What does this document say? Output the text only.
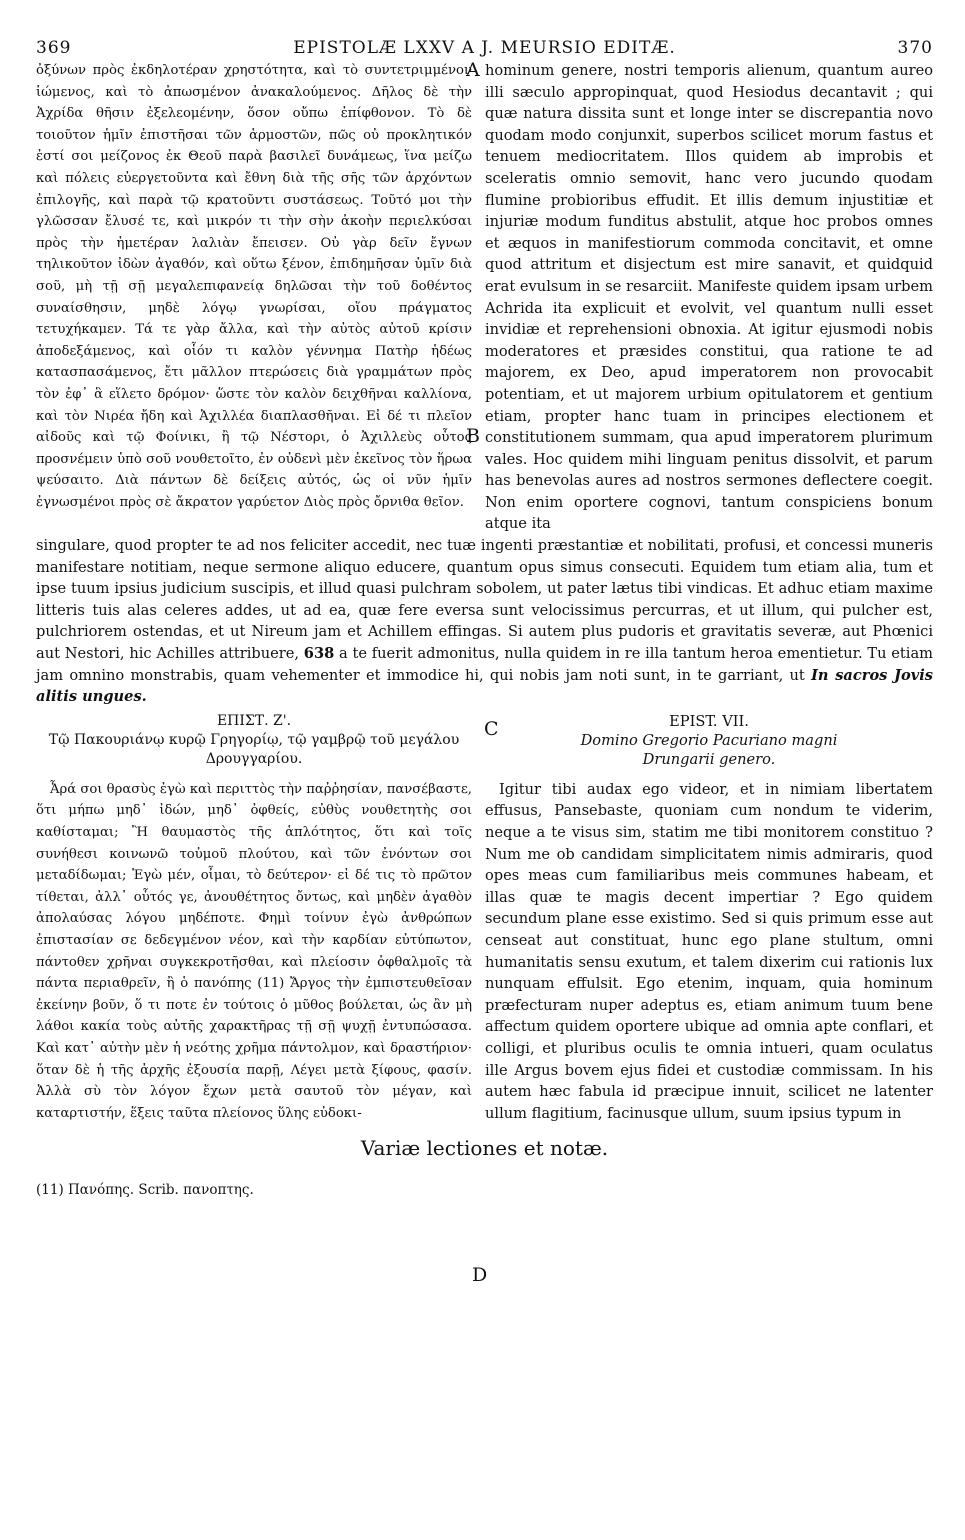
369	EPISTOLÆ LXXV A J. MEURSIO EDITÆ.	370
ὀξύνων πρὸς ἐκδηλοτέραν χρηστότητα, καὶ τὸ συντετριμμένον ἰώμενος, καὶ τὸ ἀπωσμένον ἀνακαλούμενος. Δῆλος δὲ τὴν Ἀχρίδα θῆσιν ἐξελεομένην, ὅσον οὔπω ἐπίφθονον. Τὸ δὲ τοιοῦτον ἡμῖν ἐπιστῆσαι τῶν ἁρμοστῶν, πῶς οὐ προκλητικόν ἐστί σοι μείζονος ἐκ Θεοῦ παρὰ βασιλεῖ δυνάμεως, ἵνα μείζω καὶ πόλεις εὐεργετοῦντα καὶ ἔθνη διὰ τῆς σῆς τῶν ἀρχόντων ἐπιλογῆς, καὶ παρὰ τῷ κρατοῦντι συστάσεως. Τοῦτό μοι τὴν γλῶσσαν ἔλυσέ τε, καὶ μικρόν τι τὴν σὴν ἀκοὴν περιελκύσαι πρὸς τὴν ἡμετέραν λαλιὰν ἔπεισεν. Οὐ γὰρ δεῖν ἔγνων τηλικοῦτον ἰδὼν ἀγαθόν, καὶ οὕτω ξένον, ἐπιδημῆσαν ὑμῖν διὰ σοῦ, μὴ τῇ σῇ μεγαλεπιφανείᾳ δηλῶσαι τὴν τοῦ δοθέντος συναίσθησιν, μηδὲ λόγῳ γνωρίσαι, οἵου πράγματος τετυχήκαμεν. Τά τε γὰρ ἄλλα, καὶ τὴν αὐτὸς αὐτοῦ κρίσιν ἀποδεξάμενος, καὶ οἷόν τι καλὸν γέννημα Πατὴρ ἡδέως κατασπασάμενος, ἔτι μᾶλλον πτερώσεις διὰ γραμμάτων πρὸς τὸν ἐφ᾽ ἃ εἵλετο δρόμον· ὥστε τὸν καλὸν δειχθῆναι καλλίονα, καὶ τὸν Νιρέα ἤδη καὶ Ἀχιλλέα διαπλασθῆναι. Εἰ δέ τι πλεῖον αἰδοῦς καὶ τῷ Φοίνικι, ἢ τῷ Νέστορι, ὁ Ἀχιλλεὺς οὗτος προσνέμειν ὑπὸ σοῦ νουθετοῖτο, ἐν οὐδενὶ μὲν ἐκεῖνος τὸν ἥρωα ψεύσαιτο. Διὰ πάντων δὲ δείξεις αὐτός, ὡς οἱ νῦν ἡμῖν ἐγνωσμένοι πρὸς σὲ ἄκρατον γαρύετον Διὸς πρὸς ὄρνιθα θεῖον.
A
B
hominum genere, nostri temporis alienum, quantum aureo illi sæculo appropinquat, quod Hesiodus decantavit ; qui quæ natura dissita sunt et longe inter se discrepantia novo quodam modo conjunxit, superbos scilicet morum fastus et tenuem mediocritatem. Illos quidem ab improbis et sceleratis omnio semovit, hanc vero jucundo quodam flumine probioribus effudit. Et illis demum injustitiæ et injuriæ modum funditus abstulit, atque hoc probos omnes et æquos in manifestiorum commoda concitavit, et omne quod attritum et disjectum est mire sanavit, et quidquid erat evulsum in se resarciit. Manifeste quidem ipsam urbem Achrida ita explicuit et evolvit, vel quantum nulli esset invidiæ et reprehensioni obnoxia. At igitur ejusmodi nobis moderatores et præsides constitui, qua ratione te ad majorem, ex Deo, apud imperatorem non provocabit potentiam, et ut majorem urbium opitulatorem et gentium etiam, propter hanc tuam in principes electionem et constitutionem summam, qua apud imperatorem plurimum vales. Hoc quidem mihi linguam penitus dissolvit, et parum has benevolas aures ad nostros sermones deflectere coegit. Non enim oportere cognovi, tantum conspiciens bonum atque ita
singulare, quod propter te ad nos feliciter accedit, nec tuæ ingenti præstantiæ et nobilitati, profusi, et concessi muneris manifestare notitiam, neque sermone aliquo educere, quantum opus simus consecuti. Equidem tum etiam alia, tum et ipse tuum ipsius judicium suscipis, et illud quasi pulchram sobolem, ut pater lætus tibi vindicas. Et adhuc etiam maxime litteris tuis alas celeres addes, ut ad ea, quæ fere eversa sunt velocissimus percurras, et ut illum, qui pulcher est, pulchriorem ostendas, et ut Nireum jam et Achillem effingas. Si autem plus pudoris et gravitatis severæ, aut Phœnici aut Nestori, hic Achilles attribuere, 638 a te fuerit admonitus, nulla quidem in re illa tantum heroa ementietur. Tu etiam jam omnino monstrabis, quam vehementer et immodice hi, qui nobis jam noti sunt, in te garriant, ut In sacros Jovis alitis ungues.
ΕΠΙΣΤ. Ζ'.
Τῷ Πακουριάνῳ κυρῷ Γρηγορίῳ, τῷ γαμβρῷ τοῦ μεγάλου Δρουγγαρίου.
C	EPIST. VII.
Domino Gregorio Pacuriano magni
Drungarii genero.
Ἆρά σοι θρασὺς ἐγὼ καὶ περιττὸς τὴν παῤῥησίαν, πανσέβαστε, ὅτι μήπω μηδ᾽ ἰδών, μηδ᾽ ὀφθείς, εὐθὺς νουθετητὴς σοι καθίσταμαι; Ἢ θαυμαστὸς τῆς ἁπλότητος, ὅτι καὶ τοῖς συνήθεσι κοινωνῶ τοὐμοῦ πλούτου, καὶ τῶν ἐνόντων σοι μεταδίδωμαι; Ἐγὼ μέν, οἶμαι, τὸ δεύτερον· εἰ δέ τις τὸ πρῶτον τίθεται, ἀλλ᾽ οὗτός γε, ἀνουθέτητος ὄντως, καὶ μηδὲν ἀγαθὸν ἀπολαύσας λόγου μηδέποτε. Φημὶ τοίνυν ἐγὼ ἀνθρώπων ἐπιστασίαν σε δεδεγμένον νέον, καὶ τὴν καρδίαν εὐτύπωτον, πάντοθεν χρῆναι συγκεκροτῆσθαι, καὶ πλείοσιν ὀφθαλμοῖς τὰ πάντα περιαθρεῖν, ἢ ὁ πανόπης (11) Ἄργος τὴν ἐμπιστευθεῖσαν ἐκείνην βοῦν, ὅ τι ποτε ἐν τούτοις ὁ μῦθος βούλεται, ὡς ἂν μὴ λάθοι κακία τοὺς αὐτῆς χαρακτῆρας τῇ σῇ ψυχῇ ἐντυπώσασα. Καὶ κατ᾽ αὐτὴν μὲν ἡ νεότης χρῆμα πάντολμον, καὶ δραστήριον· ὅταν δὲ ἡ τῆς ἀρχῆς ἐξουσία παρῇ, Λέγει μετὰ ξίφους, φασίν. Ἀλλὰ σὺ τὸν λόγον ἔχων μετὰ σαυτοῦ τὸν μέγαν, καὶ καταρτιστήν, ἕξεις ταῦτα πλείονος ὕλης εὐδοκι-
D
Igitur tibi audax ego videor, et in nimiam libertatem effusus, Pansebaste, quoniam cum nondum te viderim, neque a te visus sim, statim me tibi monitorem constituo ? Num me ob candidam simplicitatem nimis admiraris, quod opes meas cum familiaribus meis communes habeam, et illas quæ te magis decent impertiar ? Ego quidem secundum plane esse existimo. Sed si quis primum esse aut censeat aut constituat, hunc ego plane stultum, omni humanitatis sensu exutum, et talem dixerim cui rationis lux nunquam effulsit. Ego etenim, inquam, quia hominum præfecturam nuper adeptus es, etiam animum tuum bene affectum quidem oportere ubique ad omnia apte conflari, et colligi, et pluribus oculis te omnia intueri, quam oculatus ille Argus bovem ejus fidei et custodiæ commissam. In his autem hæc fabula id præcipue innuit, scilicet ne latenter ullum flagitium, facinusque ullum, suum ipsius typum in
Variæ lectiones et notæ.
(11) Πανόπης. Scrib. πανοπτης.
